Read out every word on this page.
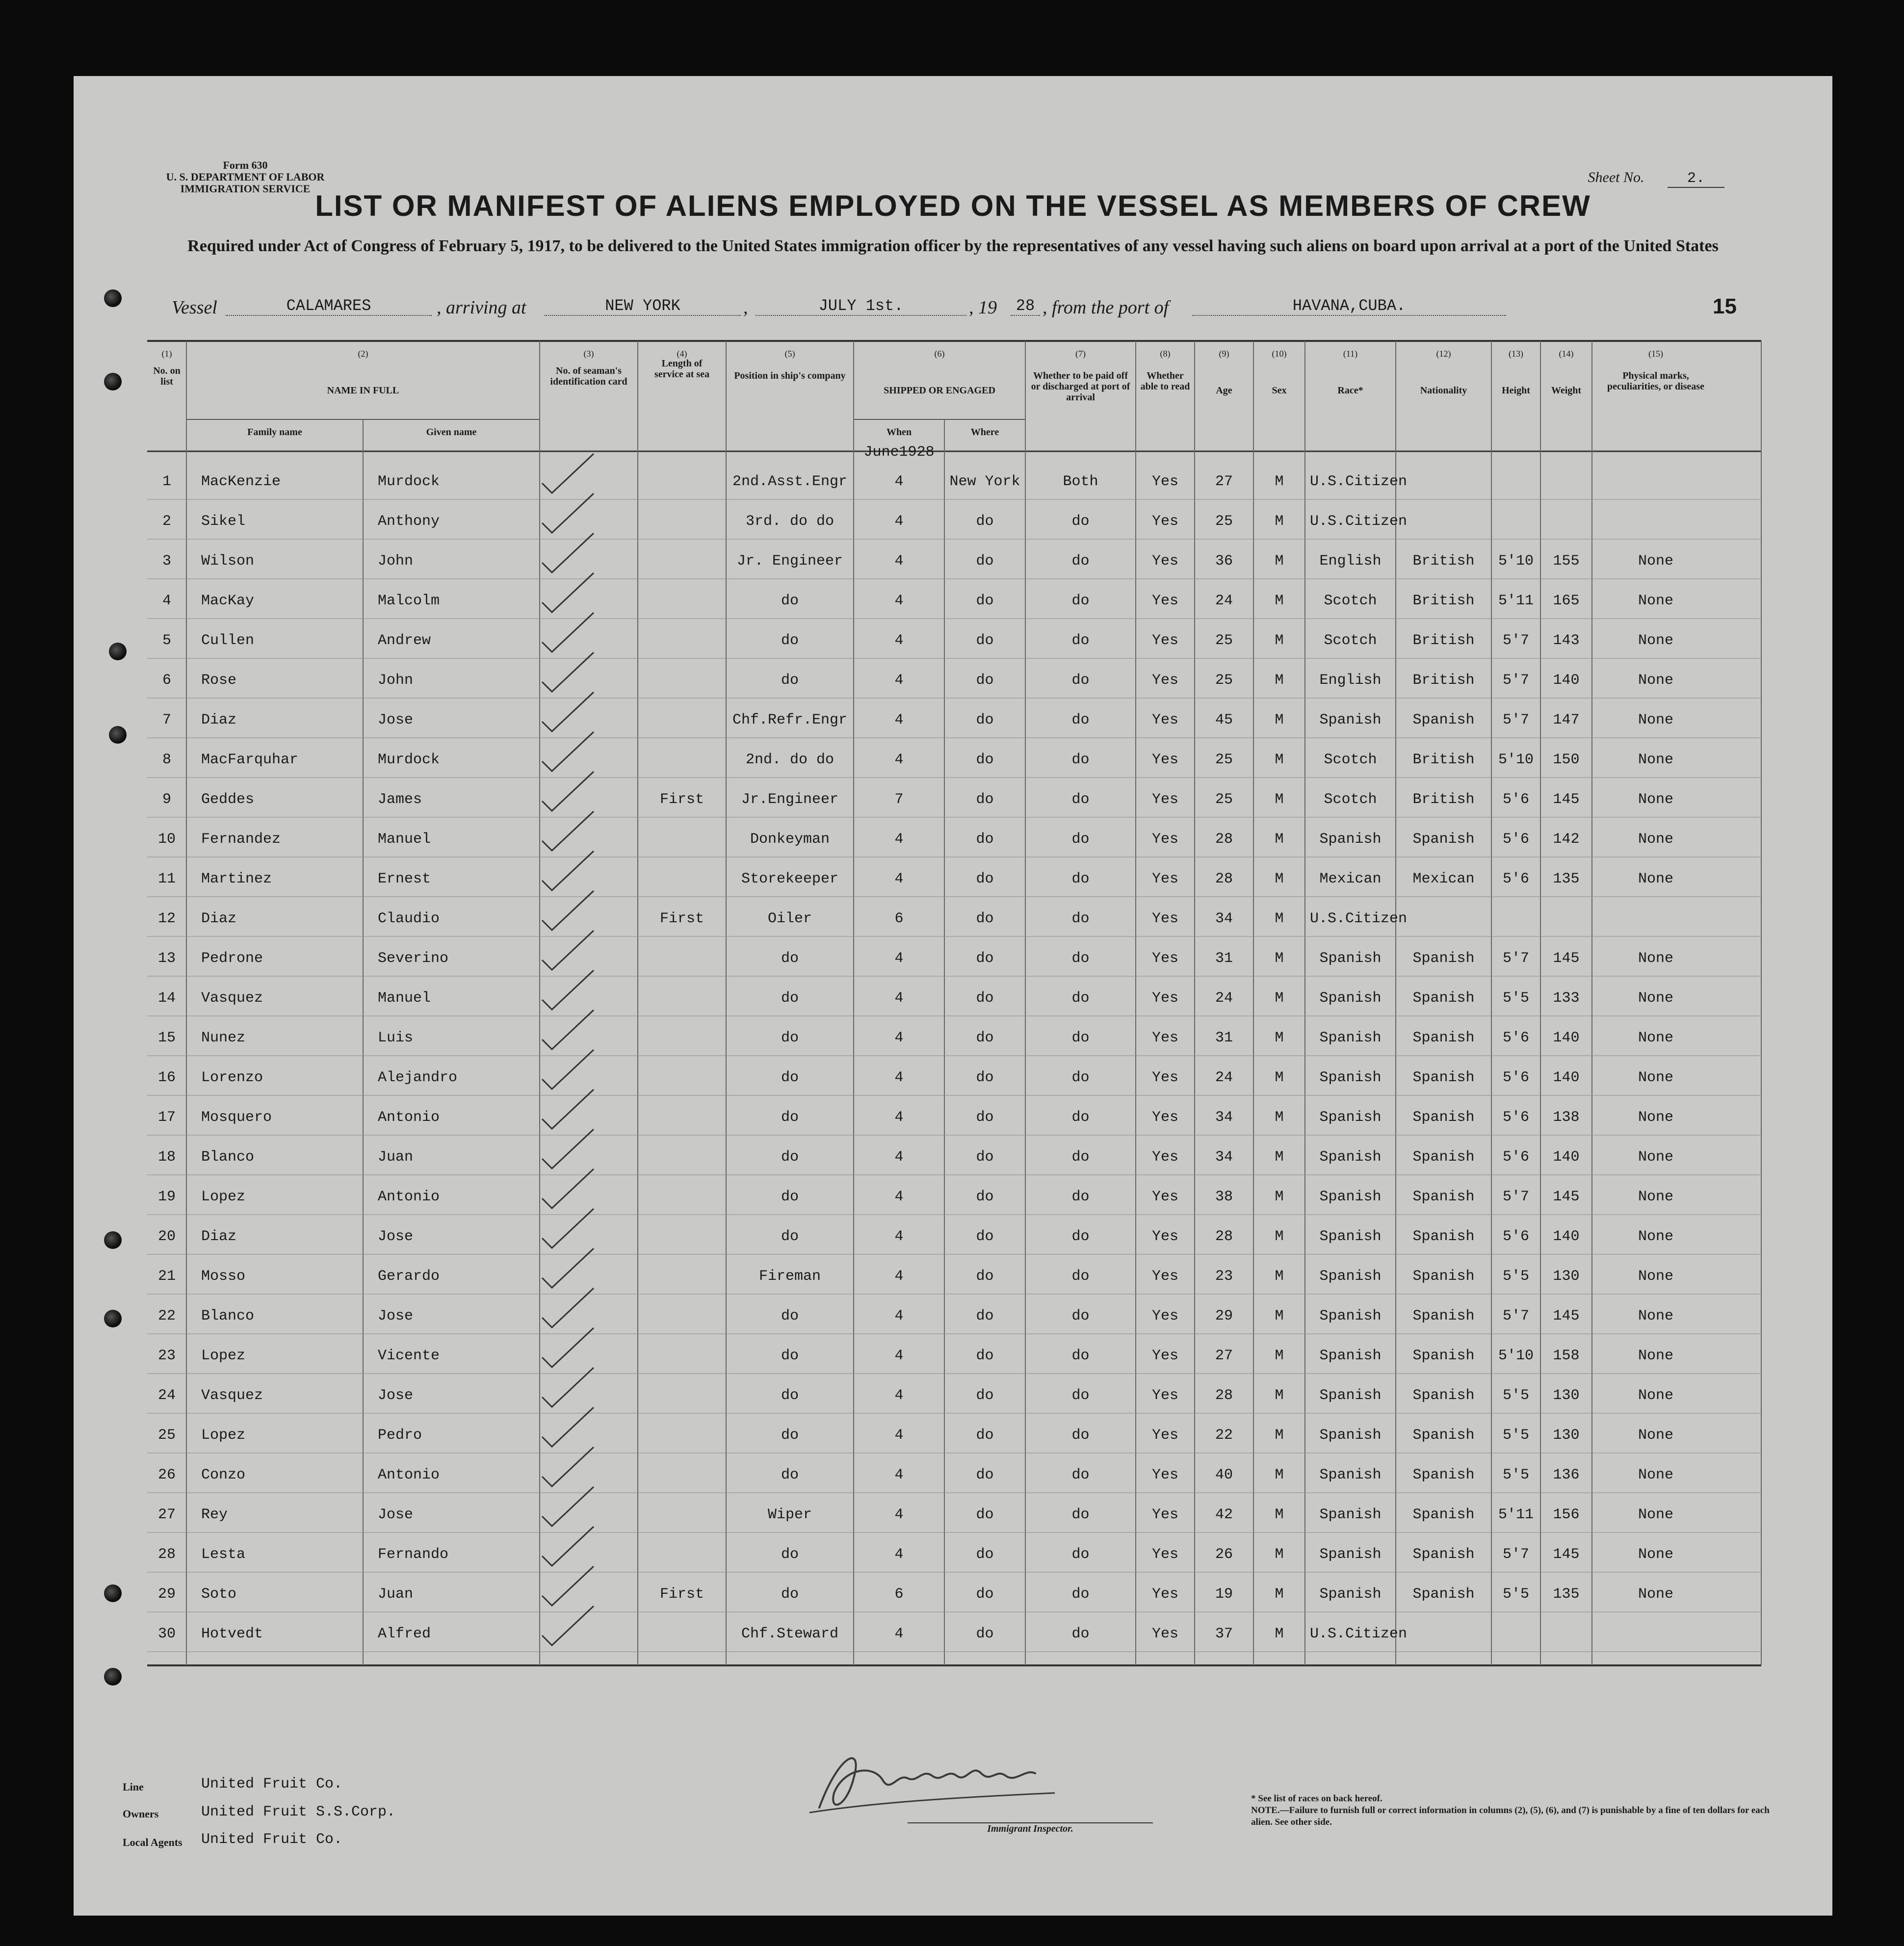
Form 630
U. S. DEPARTMENT OF LABOR
IMMIGRATION SERVICE
Sheet No.	2.
LIST OR MANIFEST OF ALIENS EMPLOYED ON THE VESSEL AS MEMBERS OF CREW
Required under Act of Congress of February 5, 1917, to be delivered to the United States immigration officer by the representatives of any vessel having such aliens on board upon arrival at a port of the United States
Vessel	CALAMARES	, arriving at	NEW YORK	,	JULY 1st.	, 19	28 , from the port of	HAVANA,CUBA.	15
(1)	(2)	(3)	(4)	(5)	(6)	(7)	(8)	(9)	(10)	(11)	(12)	(13)	(14)	(15)
No. on list
NAME IN FULL
Family name	Given name
No. of seaman's identification card
Length of service at sea	Position in ship's company
SHIPPED OR ENGAGED
When	Where
Whether to be paid off or discharged at port of arrival
Whether able to read	Age	Sex	Race*	Nationality	Height	Weight
Physical marks, peculiarities, or disease
June1928
1	MacKenzie	Murdock	2nd.Asst.Engr	4	New York	Both	Yes	27	M	U.S.Citizen
2	Sikel	Anthony	3rd. do do	4	do	do	Yes	25	M	U.S.Citizen
3	Wilson	John	Jr. Engineer	4	do	do	Yes	36	M	English	British	5'10	155	None
4	MacKay	Malcolm	do	4	do	do	Yes	24	M	Scotch	British	5'11	165	None
5	Cullen	Andrew	do	4	do	do	Yes	25	M	Scotch	British	5'7	143	None
6	Rose	John	do	4	do	do	Yes	25	M	English	British	5'7	140	None
7	Diaz	Jose	Chf.Refr.Engr	4	do	do	Yes	45	M	Spanish	Spanish	5'7	147	None
8	MacFarquhar	Murdock	2nd. do do	4	do	do	Yes	25	M	Scotch	British	5'10	150	None
9	Geddes	James	First	Jr.Engineer	7	do	do	Yes	25	M	Scotch	British	5'6	145	None
10	Fernandez	Manuel	Donkeyman	4	do	do	Yes	28	M	Spanish	Spanish	5'6	142	None
11	Martinez	Ernest	Storekeeper	4	do	do	Yes	28	M	Mexican	Mexican	5'6	135	None
12	Diaz	Claudio	First	Oiler	6	do	do	Yes	34	M	U.S.Citizen
13	Pedrone	Severino	do	4	do	do	Yes	31	M	Spanish	Spanish	5'7	145	None
14	Vasquez	Manuel	do	4	do	do	Yes	24	M	Spanish	Spanish	5'5	133	None
15	Nunez	Luis	do	4	do	do	Yes	31	M	Spanish	Spanish	5'6	140	None
16	Lorenzo	Alejandro	do	4	do	do	Yes	24	M	Spanish	Spanish	5'6	140	None
17	Mosquero	Antonio	do	4	do	do	Yes	34	M	Spanish	Spanish	5'6	138	None
18	Blanco	Juan	do	4	do	do	Yes	34	M	Spanish	Spanish	5'6	140	None
19	Lopez	Antonio	do	4	do	do	Yes	38	M	Spanish	Spanish	5'7	145	None
20	Diaz	Jose	do	4	do	do	Yes	28	M	Spanish	Spanish	5'6	140	None
21	Mosso	Gerardo	Fireman	4	do	do	Yes	23	M	Spanish	Spanish	5'5	130	None
22	Blanco	Jose	do	4	do	do	Yes	29	M	Spanish	Spanish	5'7	145	None
23	Lopez	Vicente	do	4	do	do	Yes	27	M	Spanish	Spanish	5'10	158	None
24	Vasquez	Jose	do	4	do	do	Yes	28	M	Spanish	Spanish	5'5	130	None
25	Lopez	Pedro	do	4	do	do	Yes	22	M	Spanish	Spanish	5'5	130	None
26	Conzo	Antonio	do	4	do	do	Yes	40	M	Spanish	Spanish	5'5	136	None
27	Rey	Jose	Wiper	4	do	do	Yes	42	M	Spanish	Spanish	5'11	156	None
28	Lesta	Fernando	do	4	do	do	Yes	26	M	Spanish	Spanish	5'7	145	None
29	Soto	Juan	First	do	6	do	do	Yes	19	M	Spanish	Spanish	5'5	135	None
30	Hotvedt	Alfred	Chf.Steward	4	do	do	Yes	37	M	U.S.Citizen
Line	United Fruit Co.
Owners	United Fruit S.S.Corp.
Local Agents	United Fruit Co.
Immigrant Inspector.
* See list of races on back hereof.
NOTE.—Failure to furnish full or correct information in columns (2), (5), (6), and (7) is punishable by a fine of ten dollars for each alien. See other side.
